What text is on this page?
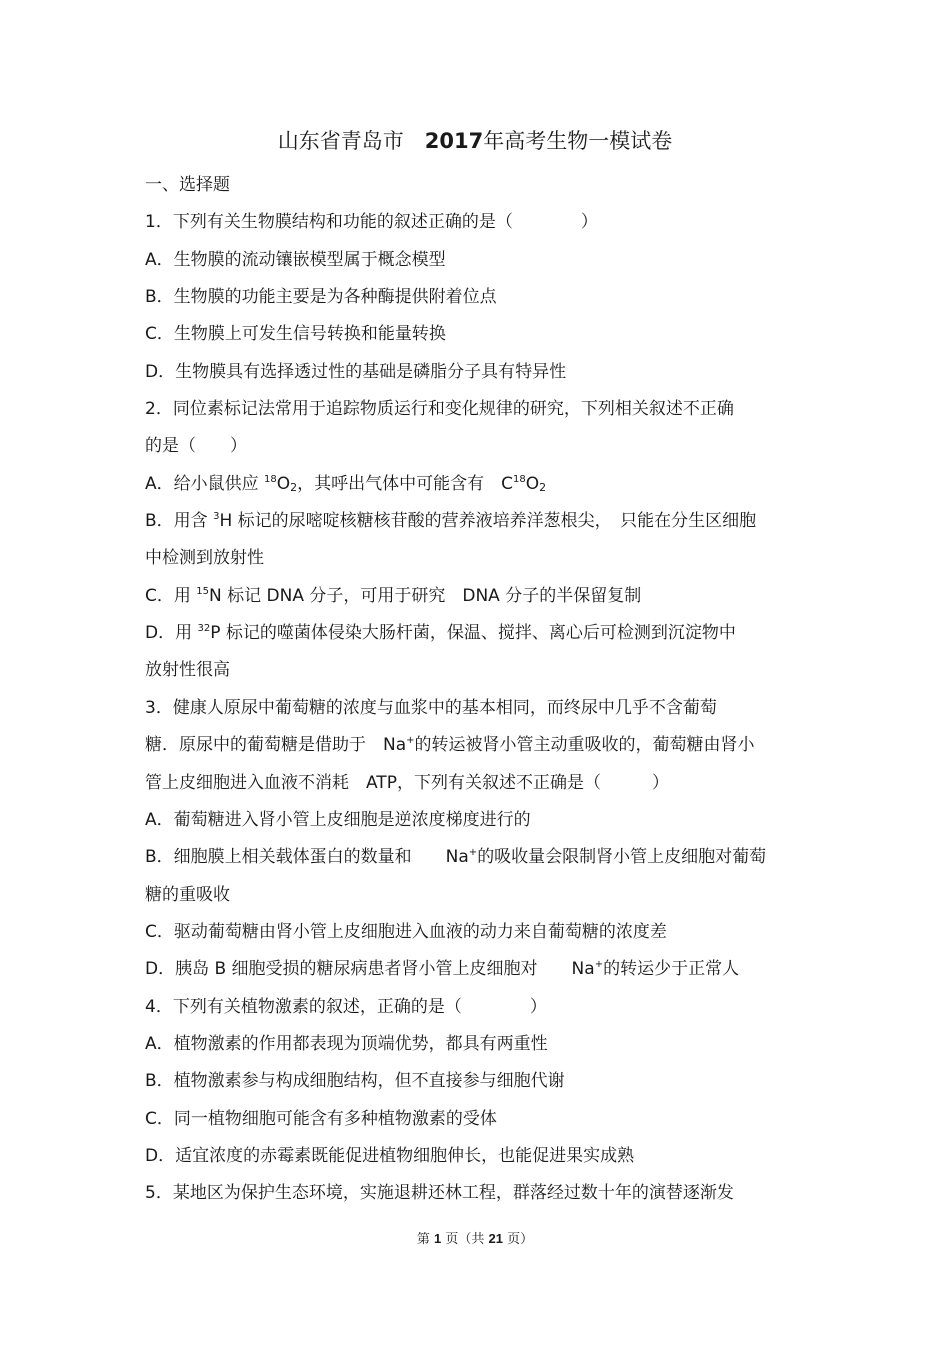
山东省青岛市　 2017年高考生物一模试卷

一、选择题

1．下列有关生物膜结构和功能的叙述正确的是（　　　　）

A．生物膜的流动镶嵌模型属于概念模型

B．生物膜的功能主要是为各种酶提供附着位点

C．生物膜上可发生信号转换和能量转换

D．生物膜具有选择透过性的基础是磷脂分子具有特异性

2．同位素标记法常用于追踪物质运行和变化规律的研究，下列相关叙述不正确

的是（　　）

A．给小鼠供应 $^{18}O_2$，其呼出气体中可能含有　$C^{18}O_2$

B．用含 $^3$H 标记的尿嘧啶核糖核苷酸的营养液培养洋葱根尖，　只能在分生区细胞

中检测到放射性

C．用 $^{15}$N 标记 DNA 分子，可用于研究　DNA 分子的半保留复制

D．用 $^{32}$P 标记的噬菌体侵染大肠杆菌，保温、搅拌、离心后可检测到沉淀物中

放射性很高

3．健康人原尿中葡萄糖的浓度与血浆中的基本相同，而终尿中几乎不含葡萄

糖．原尿中的葡萄糖是借助于　Na+的转运被肾小管主动重吸收的，葡萄糖由肾小

管上皮细胞进入血液不消耗　ATP，下列有关叙述不正确是（　　　）

A．葡萄糖进入肾小管上皮细胞是逆浓度梯度进行的

B．细胞膜上相关载体蛋白的数量和　　Na+的吸收量会限制肾小管上皮细胞对葡萄

糖的重吸收

C．驱动葡萄糖由肾小管上皮细胞进入血液的动力来自葡萄糖的浓度差

D．胰岛 B 细胞受损的糖尿病患者肾小管上皮细胞对　　Na+的转运少于正常人

4．下列有关植物激素的叙述，正确的是（　　　　）

A．植物激素的作用都表现为顶端优势，都具有两重性

B．植物激素参与构成细胞结构，但不直接参与细胞代谢

C．同一植物细胞可能含有多种植物激素的受体

D．适宜浓度的赤霉素既能促进植物细胞伸长，也能促进果实成熟

5．某地区为保护生态环境，实施退耕还林工程，群落经过数十年的演替逐渐发

第 1 页（共 21 页）
